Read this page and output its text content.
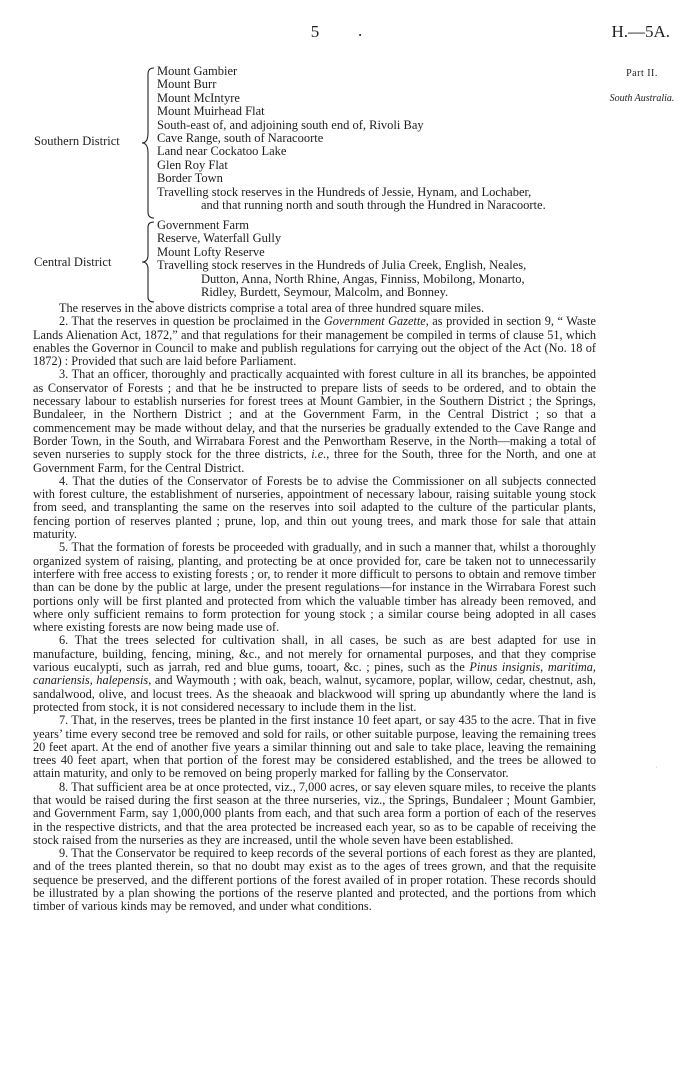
5	.	H.—5A.
Part II.
South Australia.
Southern District
Mount Gambier
Mount Burr
Mount McIntyre
Mount Muirhead Flat
South-east of, and adjoining south end of, Rivoli Bay
Cave Range, south of Naracoorte
Land near Cockatoo Lake
Glen Roy Flat
Border Town
Travelling stock reserves in the Hundreds of Jessie, Hynam, and Lochaber,
and that running north and south through the Hundred in Naracoorte.
Central District
Government Farm
Reserve, Waterfall Gully
Mount Lofty Reserve
Travelling stock reserves in the Hundreds of Julia Creek, English, Neales,
Dutton, Anna, North Rhine, Angas, Finniss, Mobilong, Monarto,
Ridley, Burdett, Seymour, Malcolm, and Bonney.

The reserves in the above districts comprise a total area of three hundred square miles.

2. That the reserves in question be proclaimed in the Government Gazette, as provided in section 9, “ Waste Lands Alienation Act, 1872,” and that regulations for their management be compiled in terms of clause 51, which enables the Governor in Council to make and publish regulations for carrying out the object of the Act (No. 18 of 1872) : Provided that such are laid before Parliament.

3. That an officer, thoroughly and practically acquainted with forest culture in all its branches, be appointed as Conservator of Forests ; and that he be instructed to prepare lists of seeds to be ordered, and to obtain the necessary labour to establish nurseries for forest trees at Mount Gambier, in the Southern District ; the Springs, Bundaleer, in the Northern District ; and at the Government Farm, in the Central District ; so that a commencement may be made without delay, and that the nurseries be gradually extended to the Cave Range and Border Town, in the South, and Wirrabara Forest and the Penwortham Reserve, in the North—making a total of seven nurseries to supply stock for the three districts, i.e., three for the South, three for the North, and one at Government Farm, for the Central District.

4. That the duties of the Conservator of Forests be to advise the Commissioner on all subjects connected with forest culture, the establishment of nurseries, appointment of necessary labour, raising suitable young stock from seed, and transplanting the same on the reserves into soil adapted to the culture of the particular plants, fencing portion of reserves planted ; prune, lop, and thin out young trees, and mark those for sale that attain maturity.

5. That the formation of forests be proceeded with gradually, and in such a manner that, whilst a thoroughly organized system of raising, planting, and protecting be at once provided for, care be taken not to unnecessarily interfere with free access to existing forests ; or, to render it more difficult to persons to obtain and remove timber than can be done by the public at large, under the present regulations—for instance in the Wirrabara Forest such portions only will be first planted and protected from which the valuable timber has already been removed, and where only sufficient remains to form protection for young stock ; a similar course being adopted in all cases where existing forests are now being made use of.

6. That the trees selected for cultivation shall, in all cases, be such as are best adapted for use in manufacture, building, fencing, mining, &c., and not merely for ornamental purposes, and that they comprise various eucalypti, such as jarrah, red and blue gums, tooart, &c. ; pines, such as the Pinus insignis, maritima, canariensis, halepensis, and Waymouth ; with oak, beach, walnut, sycamore, poplar, willow, cedar, chestnut, ash, sandalwood, olive, and locust trees. As the sheaoak and blackwood will spring up abundantly where the land is protected from stock, it is not considered necessary to include them in the list.

7. That, in the reserves, trees be planted in the first instance 10 feet apart, or say 435 to the acre. That in five years’ time every second tree be removed and sold for rails, or other suitable purpose, leaving the remaining trees 20 feet apart. At the end of another five years a similar thinning out and sale to take place, leaving the remaining trees 40 feet apart, when that portion of the forest may be considered established, and the trees be allowed to attain maturity, and only to be removed on being properly marked for falling by the Conservator.

8. That sufficient area be at once protected, viz., 7,000 acres, or say eleven square miles, to receive the plants that would be raised during the first season at the three nurseries, viz., the Springs, Bundaleer ; Mount Gambier, and Government Farm, say 1,000,000 plants from each, and that such area form a portion of each of the reserves in the respective districts, and that the area protected be increased each year, so as to be capable of receiving the stock raised from the nurseries as they are increased, until the whole seven have been established.

9. That the Conservator be required to keep records of the several portions of each forest as they are planted, and of the trees planted therein, so that no doubt may exist as to the ages of trees grown, and that the requisite sequence be preserved, and the different portions of the forest availed of in proper rotation. These records should be illustrated by a plan showing the portions of the reserve planted and protected, and the portions from which timber of various kinds may be removed, and under what conditions.

'
